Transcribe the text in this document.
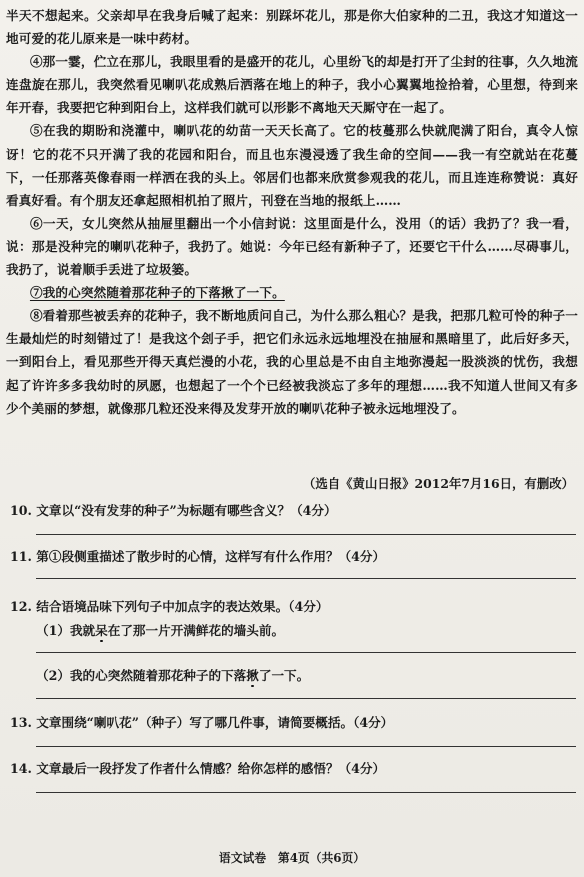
半天不想起来。父亲却早在我身后喊了起来：别踩坏花儿，那是你大伯家种的二丑，我这才知道这一地可爱的花儿原来是一味中药材。

④那一霎，伫立在那儿，我眼里看的是盛开的花儿，心里纷飞的却是打开了尘封的往事，久久地流连盘旋在那儿，我突然看见喇叭花成熟后洒落在地上的种子，我小心翼翼地捡拾着，心里想，待到来年开春，我要把它种到阳台上，这样我们就可以形影不离地天天厮守在一起了。

⑤在我的期盼和浇灌中，喇叭花的幼苗一天天长高了。它的枝蔓那么快就爬满了阳台，真令人惊讶！它的花不只开满了我的花园和阳台，而且也东漫浸透了我生命的空间——我一有空就站在花蔓下，一任那落英像春雨一样洒在我的头上。邻居们也都来欣赏参观我的花儿，而且连连称赞说：真好看真好看。有个朋友还拿起照相机拍了照片，刊登在当地的报纸上……

⑥一天，女儿突然从抽屉里翻出一个小信封说：这里面是什么，没用（的话）我扔了？我一看，说：那是没种完的喇叭花种子，我扔了。她说：今年已经有新种子了，还要它干什么……尽碍事儿，我扔了，说着顺手丢进了垃圾篓。

⑦我的心突然随着那花种子的下落揪了一下。

⑧看着那些被丢弃的花种子，我不断地质问自己，为什么那么粗心？是我，把那几粒可怜的种子一生最灿烂的时刻错过了！是我这个刽子手，把它们永远永远地埋没在抽屉和黑暗里了，此后好多天，一到阳台上，看见那些开得天真烂漫的小花，我的心里总是不由自主地弥漫起一股淡淡的忧伤，我想起了许许多多我幼时的夙愿，也想起了一个个已经被我淡忘了多年的理想……我不知道人世间又有多少个美丽的梦想，就像那几粒还没来得及发芽开放的喇叭花种子被永远地埋没了。

（选自《黄山日报》2012年7月16日，有删改）
10. 文章以“没有发芽的种子”为标题有哪些含义？（4分）
11. 第①段侧重描述了散步时的心情，这样写有什么作用？（4分）
12. 结合语境品味下列句子中加点字的表达效果。（4分）
（1）我就呆在了那一片开满鲜花的墙头前。
（2）我的心突然随着那花种子的下落揪了一下。
13. 文章围绕“喇叭花”（种子）写了哪几件事，请简要概括。（4分）
14. 文章最后一段抒发了作者什么情感？给你怎样的感悟？（4分）
语文试卷　第4页（共6页）
